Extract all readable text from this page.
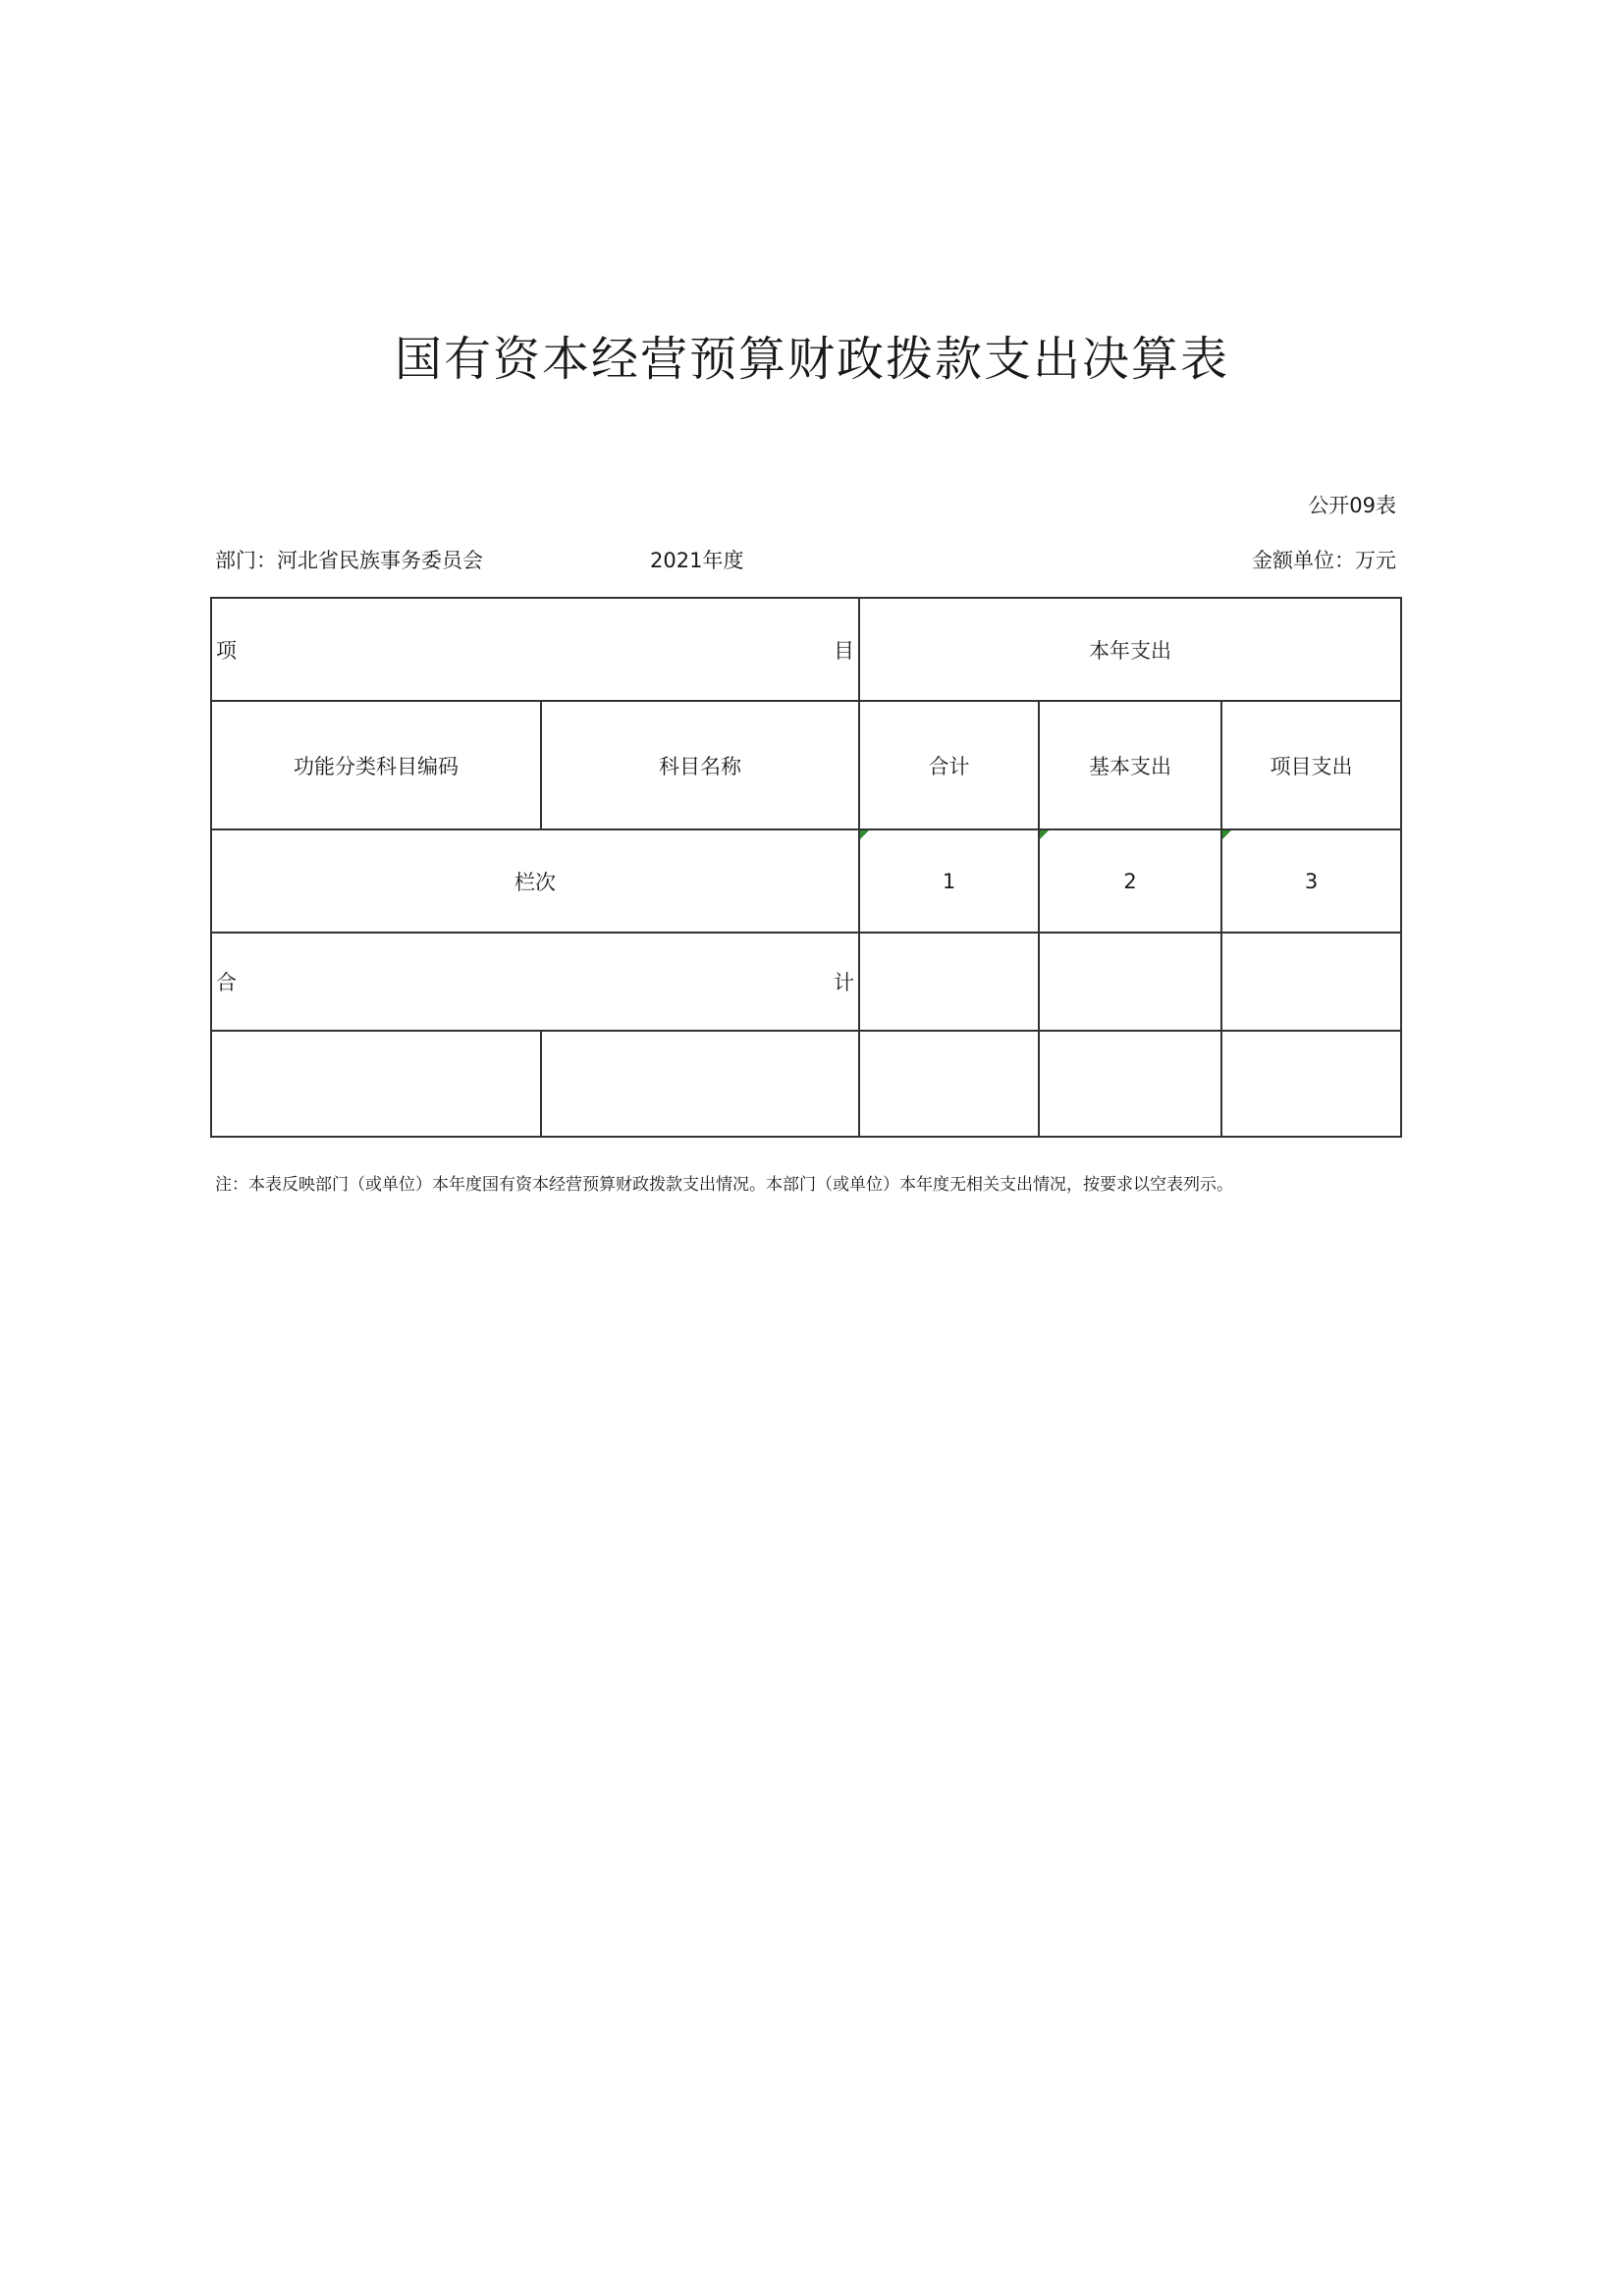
国有资本经营预算财政拨款支出决算表
公开09表
部门：河北省民族事务委员会	2021年度	金额单位：万元
项 目		本年支出		
功能分类科目编码	科目名称	合计	基本支出	项目支出
栏次		1	2	3

合 计				

注：本表反映部门（或单位）本年度国有资本经营预算财政拨款支出情况。本部门（或单位）本年度无相关支出情况，按要求以空表列示。
